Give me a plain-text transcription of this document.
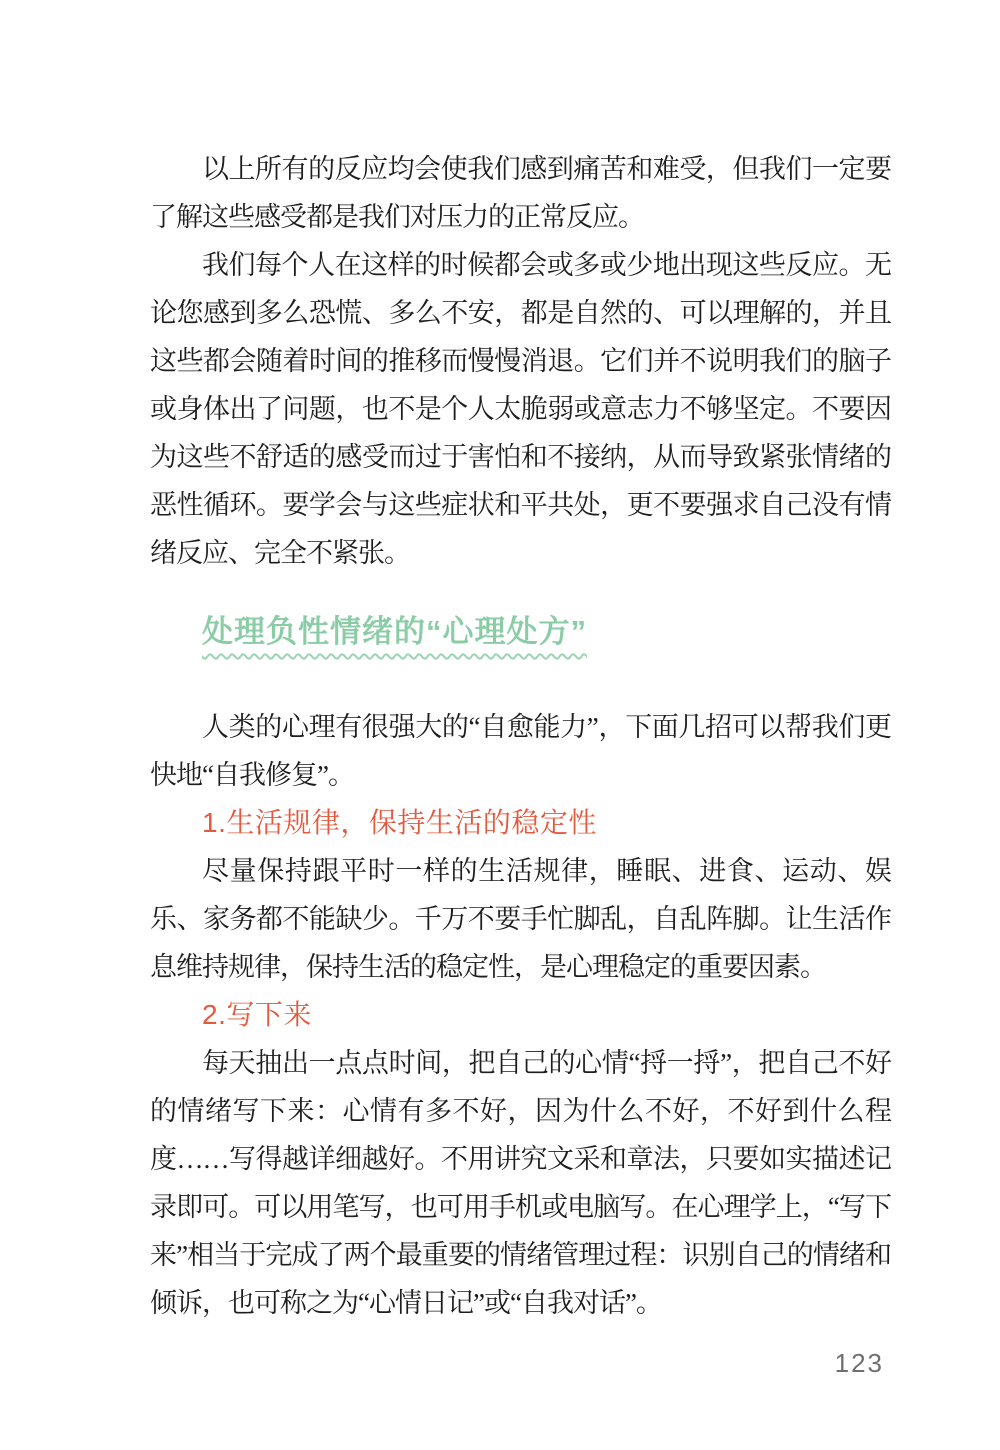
以上所有的反应均会使我们感到痛苦和难受，但我们一定要了解这些感受都是我们对压力的正常反应。

我们每个人在这样的时候都会或多或少地出现这些反应。无论您感到多么恐慌、多么不安，都是自然的、可以理解的，并且这些都会随着时间的推移而慢慢消退。它们并不说明我们的脑子或身体出了问题，也不是个人太脆弱或意志力不够坚定。不要因为这些不舒适的感受而过于害怕和不接纳，从而导致紧张情绪的恶性循环。要学会与这些症状和平共处，更不要强求自己没有情绪反应、完全不紧张。

处理负性情绪的“心理处方”

人类的心理有很强大的“自愈能力”，下面几招可以帮我们更快地“自我修复”。

1.生活规律，保持生活的稳定性

尽量保持跟平时一样的生活规律，睡眠、进食、运动、娱乐、家务都不能缺少。千万不要手忙脚乱，自乱阵脚。让生活作息维持规律，保持生活的稳定性，是心理稳定的重要因素。

2.写下来

每天抽出一点点时间，把自己的心情“捋一捋”，把自己不好的情绪写下来：心情有多不好，因为什么不好，不好到什么程度……写得越详细越好。不用讲究文采和章法，只要如实描述记录即可。可以用笔写，也可用手机或电脑写。在心理学上，“写下来”相当于完成了两个最重要的情绪管理过程：识别自己的情绪和倾诉，也可称之为“心情日记”或“自我对话”。

123
